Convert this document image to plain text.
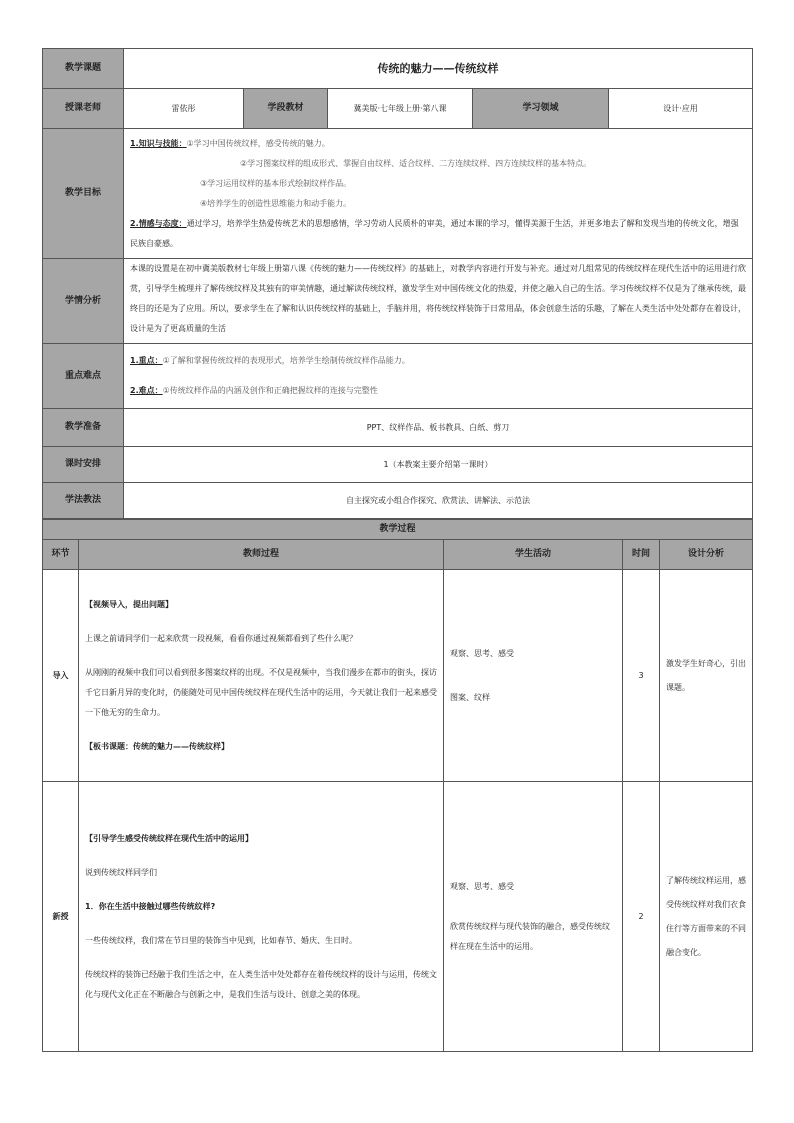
教学课题	传统的魅力——传统纹样				
授课老师	雷依彤	学段教材	冀美版·七年级上册·第八课	学习领域	设计·应用
教学目标	1.知识与技能：①学习中国传统纹样，感受传统的魅力。
②学习图案纹样的组成形式、掌握自由纹样、适合纹样、二方连续纹样、四方连续纹样的基本特点。
③学习运用纹样的基本形式绘制纹样作品。
④培养学生的创造性思维能力和动手能力。
2.情感与态度：通过学习，培养学生热爱传统艺术的思想感情，学习劳动人民质朴的审美，通过本课的学习，懂得美源于生活，并更多地去了解和发现当地的传统文化，增强民族自豪感。				

学情分析	本课的设置是在初中冀美版教材七年级上册第八课《传统的魅力——传统纹样》的基础上，对教学内容进行开发与补充。通过对几组常见的传统纹样在现代生活中的运用进行欣赏，引导学生梳理并了解传统纹样及其独有的审美情趣，通过解读传统纹样，激发学生对中国传统文化的热爱，并使之融入自己的生活。学习传统纹样不仅是为了继承传统，最终目的还是为了应用。所以，要求学生在了解和认识传统纹样的基础上，手脑并用，将传统纹样装饰于日常用品，体会创意生活的乐趣，了解在人类生活中处处都存在着设计，设计是为了更高质量的生活				
重点难点	1.重点：①了解和掌握传统纹样的表现形式，培养学生绘制传统纹样作品能力。
2.难点：①传统纹样作品的内涵及创作和正确把握纹样的连接与完整性				

教学准备	PPT、纹样作品、板书教具、白纸、剪刀				
课时安排	1（本教案主要介绍第一课时）				
学法教法	自主探究或小组合作探究、欣赏法、讲解法、示范法				
教学过程				
环节	教师过程	学生活动	时间	设计分析
导入	【视频导入，提出问题】
上课之前请同学们一起来欣赏一段视频，看看你通过视频都看到了些什么呢？
从刚刚的视频中我们可以看到很多图案纹样的出现。不仅是视频中，当我们漫步在都市的街头，探访千它日新月异的变化时，仍能随处可见中国传统纹样在现代生活中的运用，今天就让我们一起来感受一下他无穷的生命力。
【板书课题：传统的魅力——传统纹样】	观察、思考、感受
图案、纹样	3	激发学生好奇心，引出课题。
新授	【引导学生感受传统纹样在现代生活中的运用】
说到传统纹样同学们
1．你在生活中接触过哪些传统纹样?
一些传统纹样，我们常在节日里的装饰当中见到，比如春节、婚庆、生日时。
传统纹样的装饰已经融于我们生活之中，在人类生活中处处都存在着传统纹样的设计与运用，传统文化与现代文化正在不断融合与创新之中，是我们生活与设计、创意之美的体现。	观察、思考、感受
欣赏传统纹样与现代装饰的融合，感受传统纹样在现在生活中的运用。	2	了解传统纹样运用，感受传统纹样对我们衣食住行等方面带来的不同融合变化。
